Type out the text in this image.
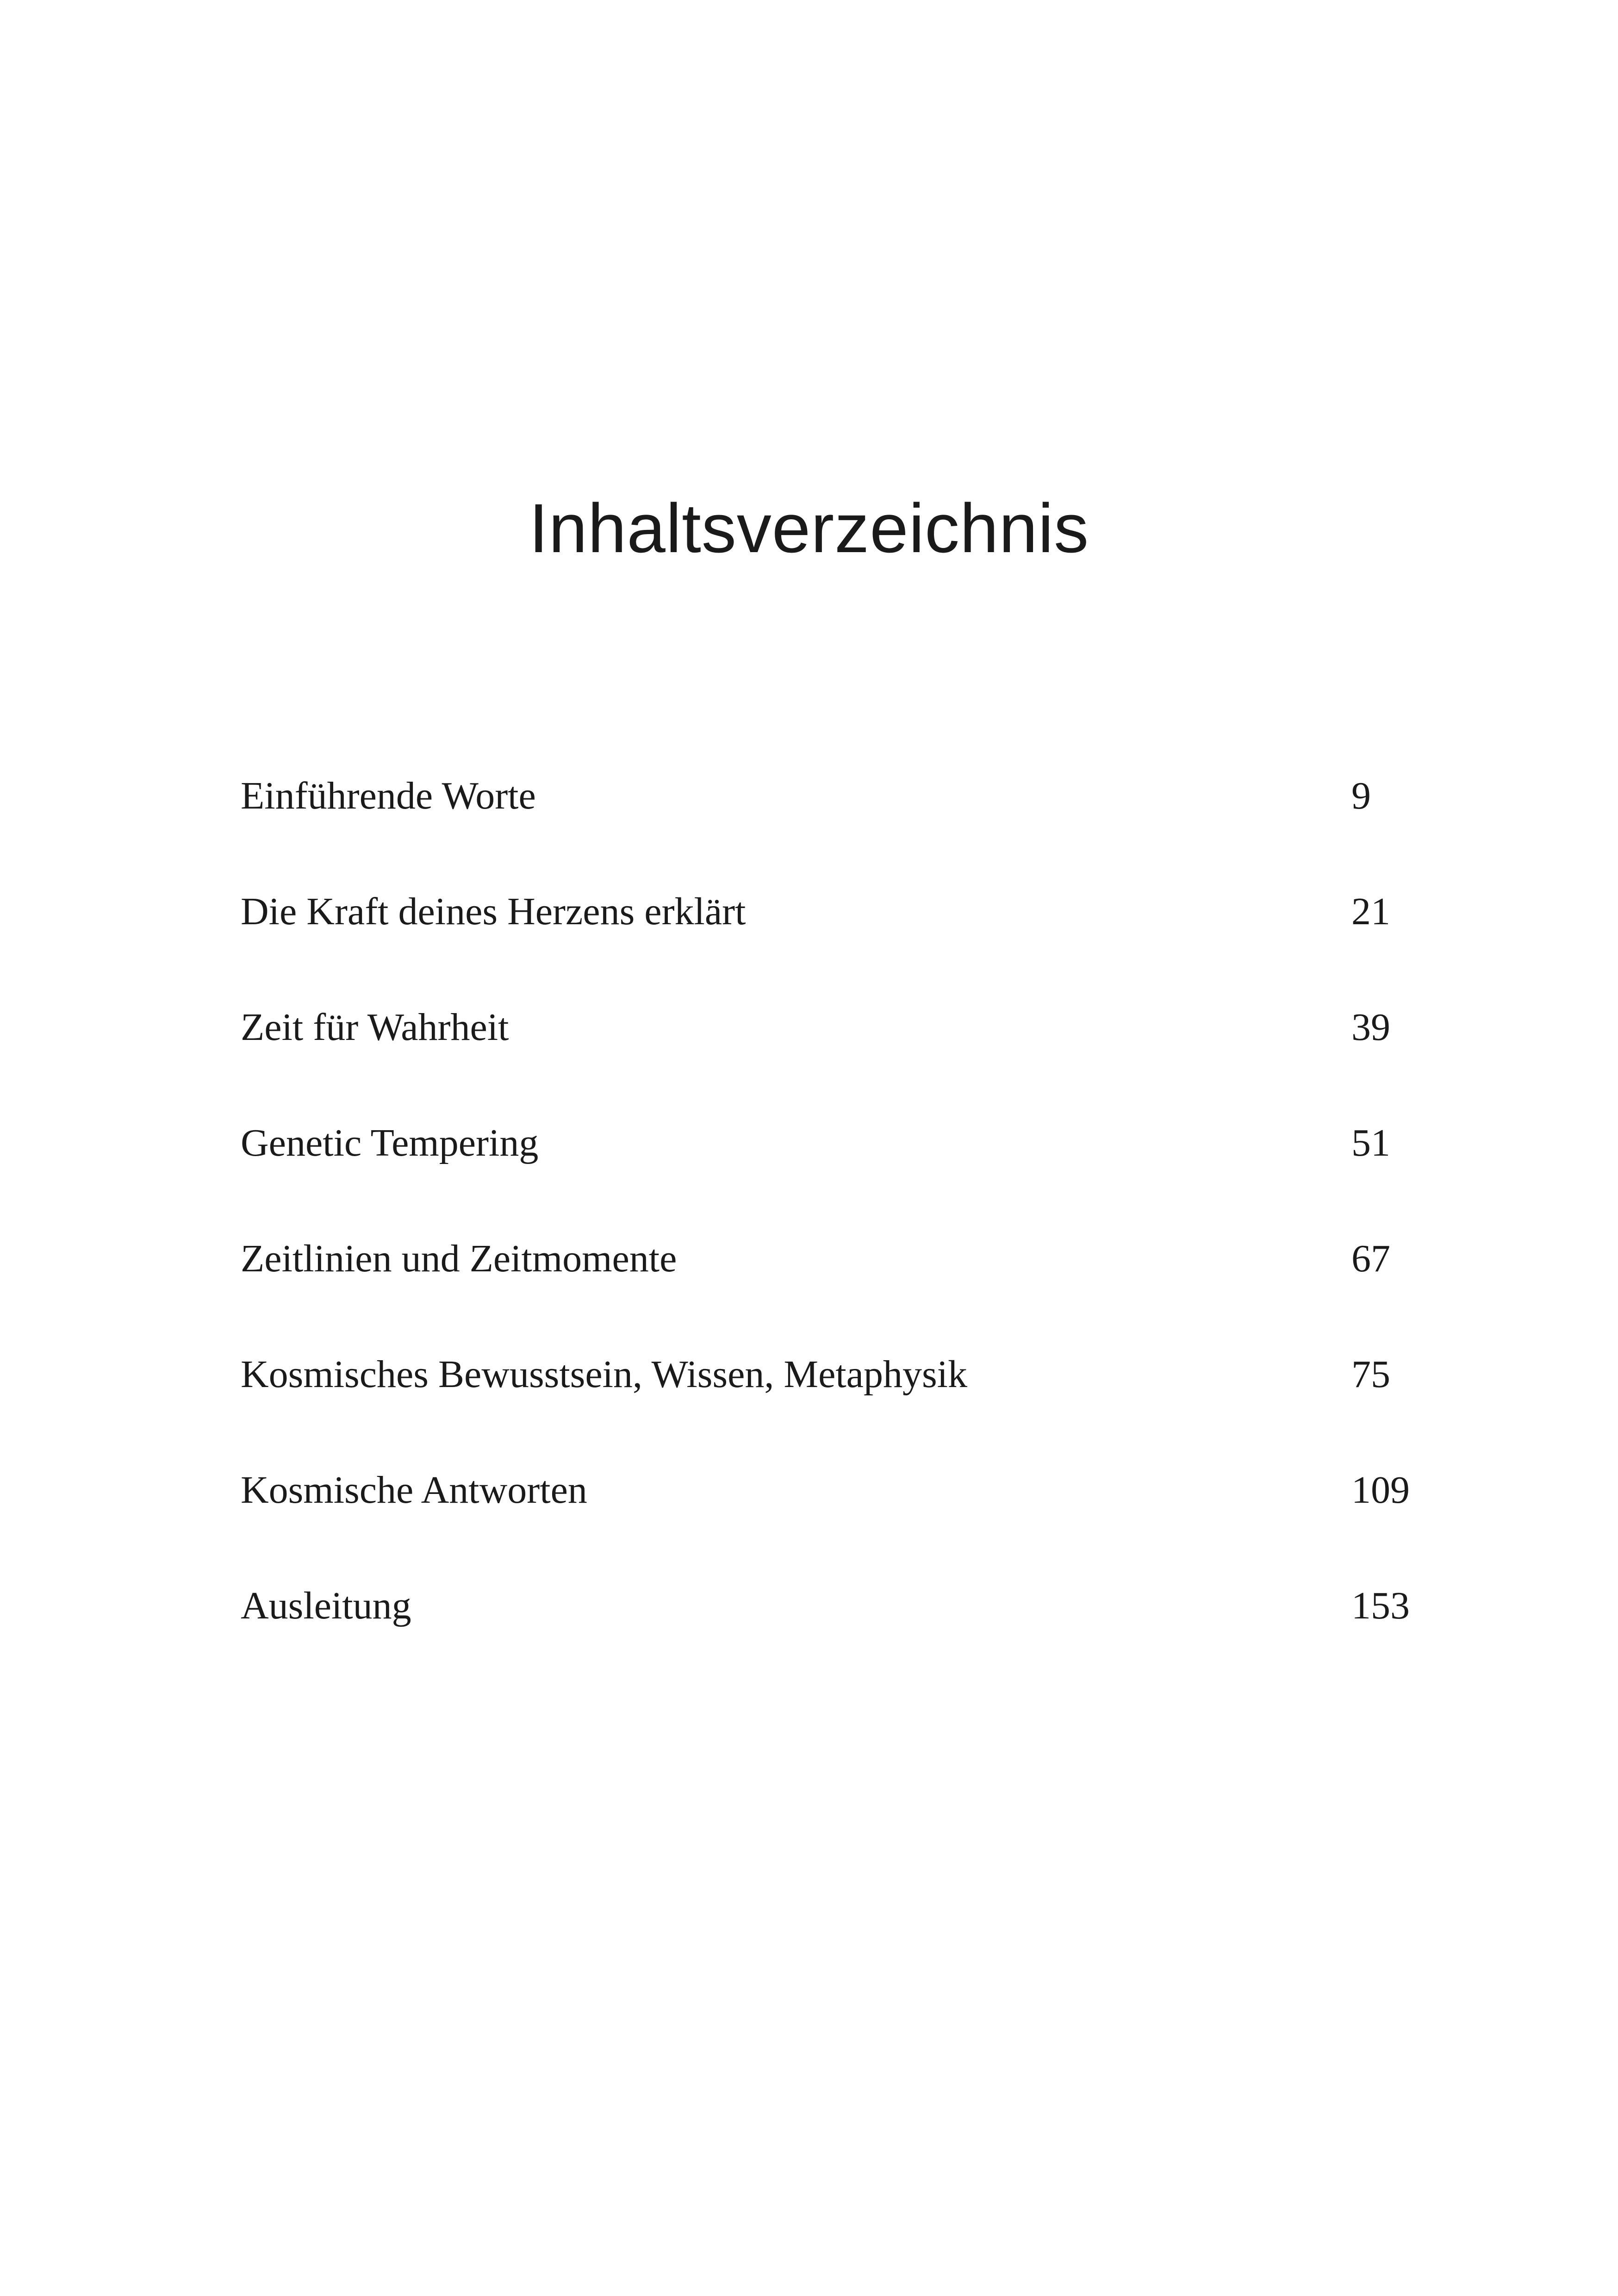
Inhaltsverzeichnis
Einführende Worte	9
Die Kraft deines Herzens erklärt	21
Zeit für Wahrheit	39
Genetic Tempering	51
Zeitlinien und Zeitmomente	67
Kosmisches Bewusstsein, Wissen, Metaphysik	75
Kosmische Antworten	109
Ausleitung	153
